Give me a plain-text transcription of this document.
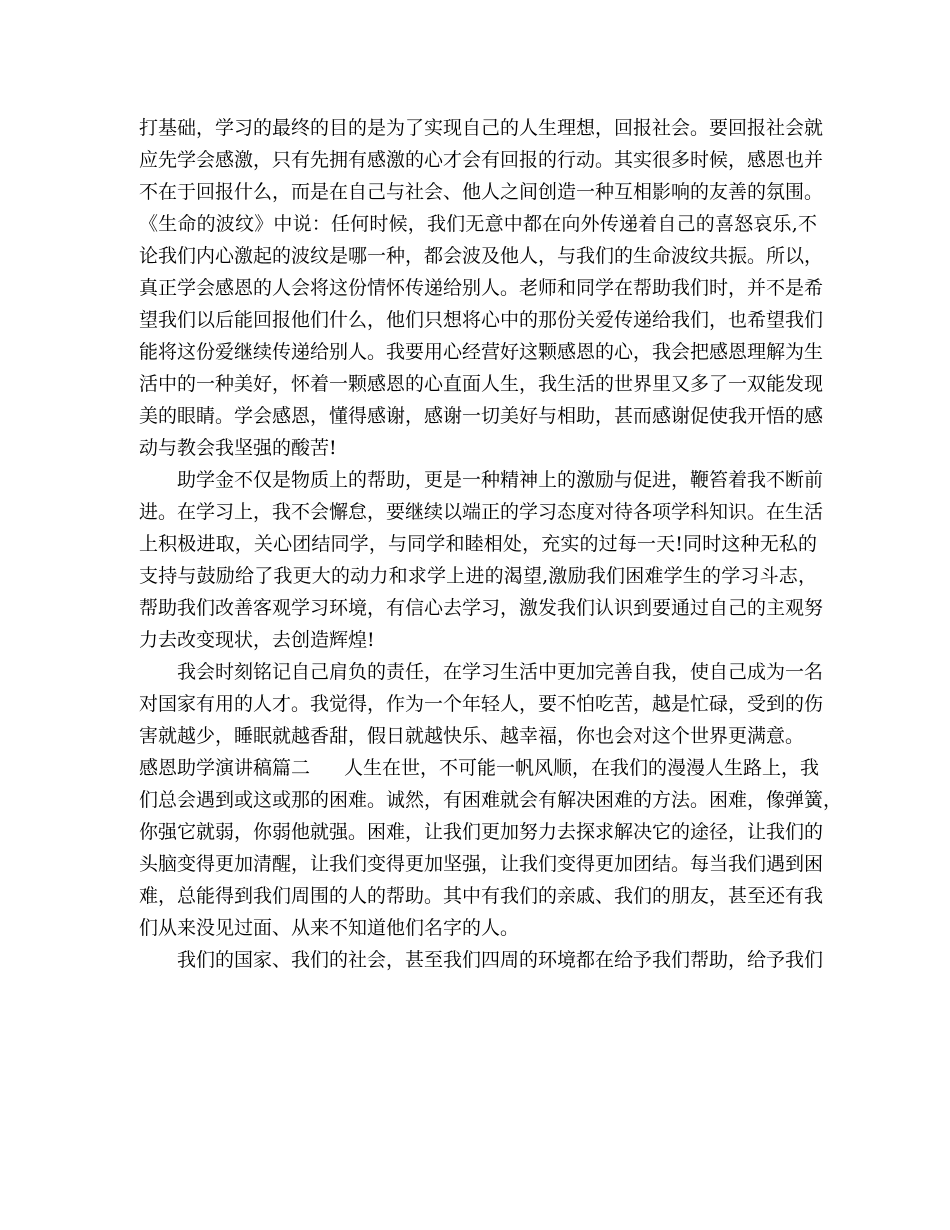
打基础，学习的最终的目的是为了实现自己的人生理想，回报社会。要回报社会就
应先学会感激，只有先拥有感激的心才会有回报的行动。其实很多时候，感恩也并
不在于回报什么，而是在自己与社会、他人之间创造一种互相影响的友善的氛围。
《生命的波纹》中说：任何时候，我们无意中都在向外传递着自己的喜怒哀乐,不
论我们内心激起的波纹是哪一种，都会波及他人，与我们的生命波纹共振。所以，
真正学会感恩的人会将这份情怀传递给别人。老师和同学在帮助我们时，并不是希
望我们以后能回报他们什么，他们只想将心中的那份关爱传递给我们，也希望我们
能将这份爱继续传递给别人。我要用心经营好这颗感恩的心，我会把感恩理解为生
活中的一种美好，怀着一颗感恩的心直面人生，我生活的世界里又多了一双能发现
美的眼睛。学会感恩，懂得感谢，感谢一切美好与相助，甚而感谢促使我开悟的感
动与教会我坚强的酸苦!
助学金不仅是物质上的帮助，更是一种精神上的激励与促进，鞭笞着我不断前
进。在学习上，我不会懈怠，要继续以端正的学习态度对待各项学科知识。在生活
上积极进取，关心团结同学，与同学和睦相处，充实的过每一天!同时这种无私的
支持与鼓励给了我更大的动力和求学上进的渴望,激励我们困难学生的学习斗志，
帮助我们改善客观学习环境，有信心去学习，激发我们认识到要通过自己的主观努
力去改变现状，去创造辉煌!
我会时刻铭记自己肩负的责任，在学习生活中更加完善自我，使自己成为一名
对国家有用的人才。我觉得，作为一个年轻人，要不怕吃苦，越是忙碌，受到的伤
害就越少，睡眠就越香甜，假日就越快乐、越幸福，你也会对这个世界更满意。
感恩助学演讲稿篇二 人生在世，不可能一帆风顺，在我们的漫漫人生路上，我
们总会遇到或这或那的困难。诚然，有困难就会有解决困难的方法。困难，像弹簧，
你强它就弱，你弱他就强。困难，让我们更加努力去探求解决它的途径，让我们的
头脑变得更加清醒，让我们变得更加坚强，让我们变得更加团结。每当我们遇到困
难，总能得到我们周围的人的帮助。其中有我们的亲戚、我们的朋友，甚至还有我
们从来没见过面、从来不知道他们名字的人。
我们的国家、我们的社会，甚至我们四周的环境都在给予我们帮助，给予我们
